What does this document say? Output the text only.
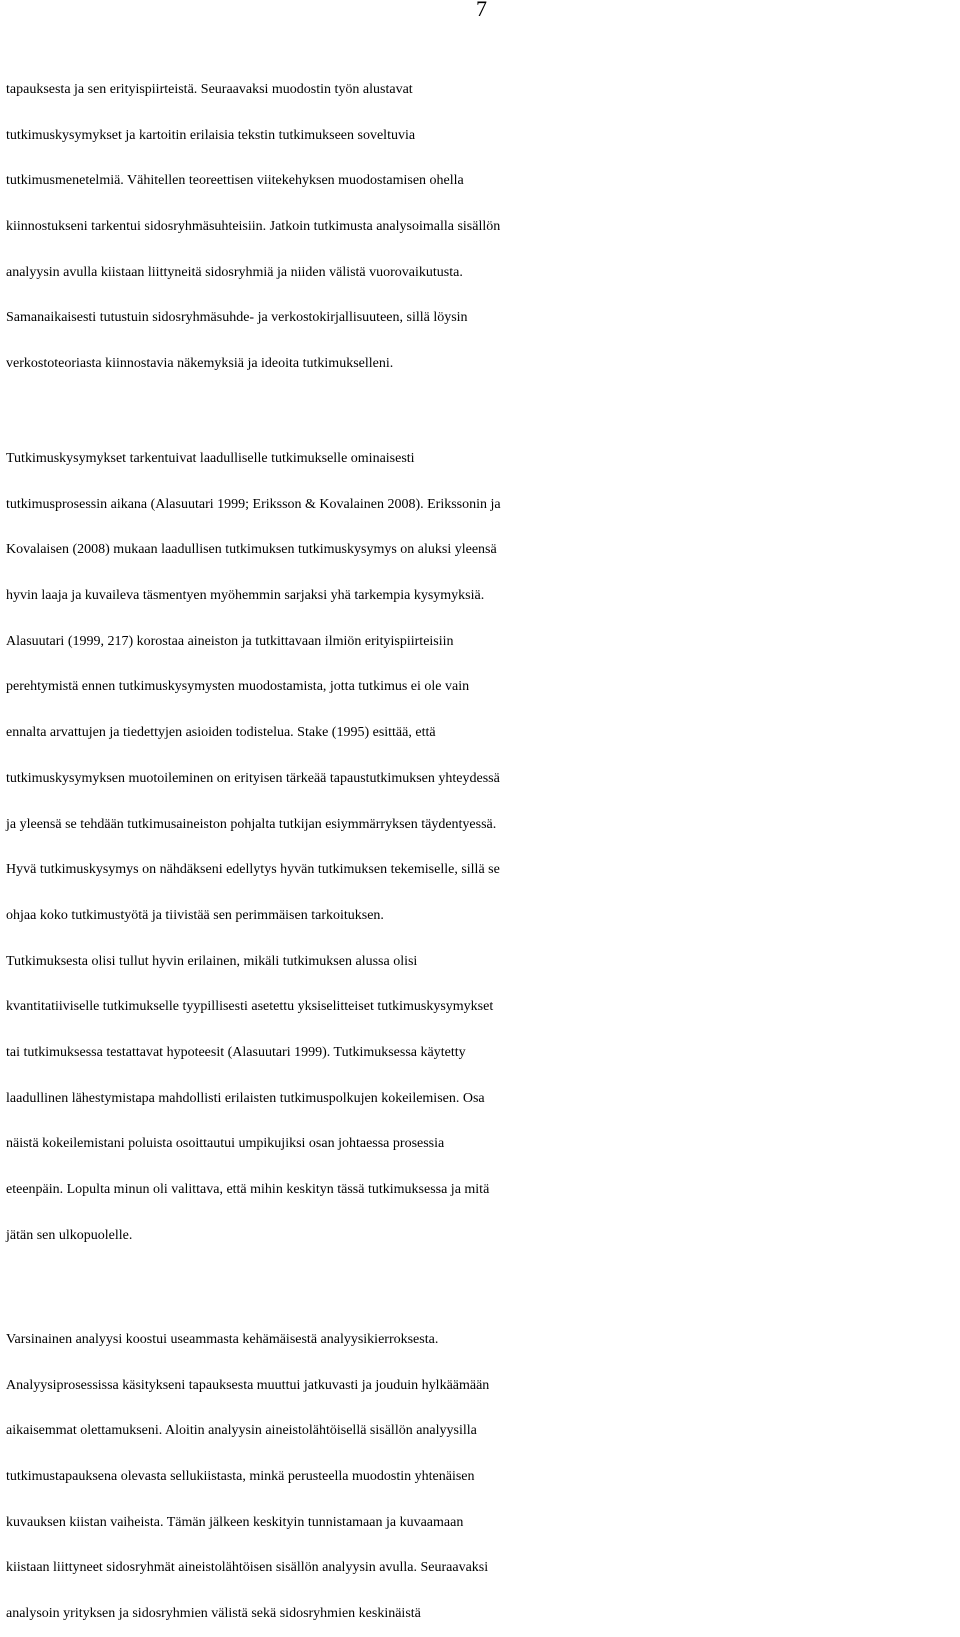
7
tapauksesta ja sen erityispiirteistä. Seuraavaksi muodostin työn alustavat
tutkimuskysymykset ja kartoitin erilaisia tekstin tutkimukseen soveltuvia
tutkimusmenetelmiä. Vähitellen teoreettisen viitekehyksen muodostamisen ohella
kiinnostukseni tarkentui sidosryhmäsuhteisiin. Jatkoin tutkimusta analysoimalla sisällön
analyysin avulla kiistaan liittyneitä sidosryhmiä ja niiden välistä vuorovaikutusta.
Samanaikaisesti tutustuin sidosryhmäsuhde- ja verkostokirjallisuuteen, sillä löysin
verkostoteoriasta kiinnostavia näkemyksiä ja ideoita tutkimukselleni.
Tutkimuskysymykset tarkentuivat laadulliselle tutkimukselle ominaisesti
tutkimusprosessin aikana (Alasuutari 1999; Eriksson & Kovalainen 2008). Erikssonin ja
Kovalaisen (2008) mukaan laadullisen tutkimuksen tutkimuskysymys on aluksi yleensä
hyvin laaja ja kuvaileva täsmentyen myöhemmin sarjaksi yhä tarkempia kysymyksiä.
Alasuutari (1999, 217) korostaa aineiston ja tutkittavaan ilmiön erityispiirteisiin
perehtymistä ennen tutkimuskysymysten muodostamista, jotta tutkimus ei ole vain
ennalta arvattujen ja tiedettyjen asioiden todistelua. Stake (1995) esittää, että
tutkimuskysymyksen muotoileminen on erityisen tärkeää tapaustutkimuksen yhteydessä
ja yleensä se tehdään tutkimusaineiston pohjalta tutkijan esiymmärryksen täydentyessä.
Hyvä tutkimuskysymys on nähdäkseni edellytys hyvän tutkimuksen tekemiselle, sillä se
ohjaa koko tutkimustyötä ja tiivistää sen perimmäisen tarkoituksen.
Tutkimuksesta olisi tullut hyvin erilainen, mikäli tutkimuksen alussa olisi
kvantitatiiviselle tutkimukselle tyypillisesti asetettu yksiselitteiset tutkimuskysymykset
tai tutkimuksessa testattavat hypoteesit (Alasuutari 1999). Tutkimuksessa käytetty
laadullinen lähestymistapa mahdollisti erilaisten tutkimuspolkujen kokeilemisen. Osa
näistä kokeilemistani poluista osoittautui umpikujiksi osan johtaessa prosessia
eteenpäin. Lopulta minun oli valittava, että mihin keskityn tässä tutkimuksessa ja mitä
jätän sen ulkopuolelle.
Varsinainen analyysi koostui useammasta kehämäisestä analyysikierroksesta.
Analyysiprosessissa käsitykseni tapauksesta muuttui jatkuvasti ja jouduin hylkäämään
aikaisemmat olettamukseni. Aloitin analyysin aineistolähtöisellä sisällön analyysilla
tutkimustapauksena olevasta sellukiistasta, minkä perusteella muodostin yhtenäisen
kuvauksen kiistan vaiheista. Tämän jälkeen keskityin tunnistamaan ja kuvaamaan
kiistaan liittyneet sidosryhmät aineistolähtöisen sisällön analyysin avulla. Seuraavaksi
analysoin yrityksen ja sidosryhmien välistä sekä sidosryhmien keskinäistä
